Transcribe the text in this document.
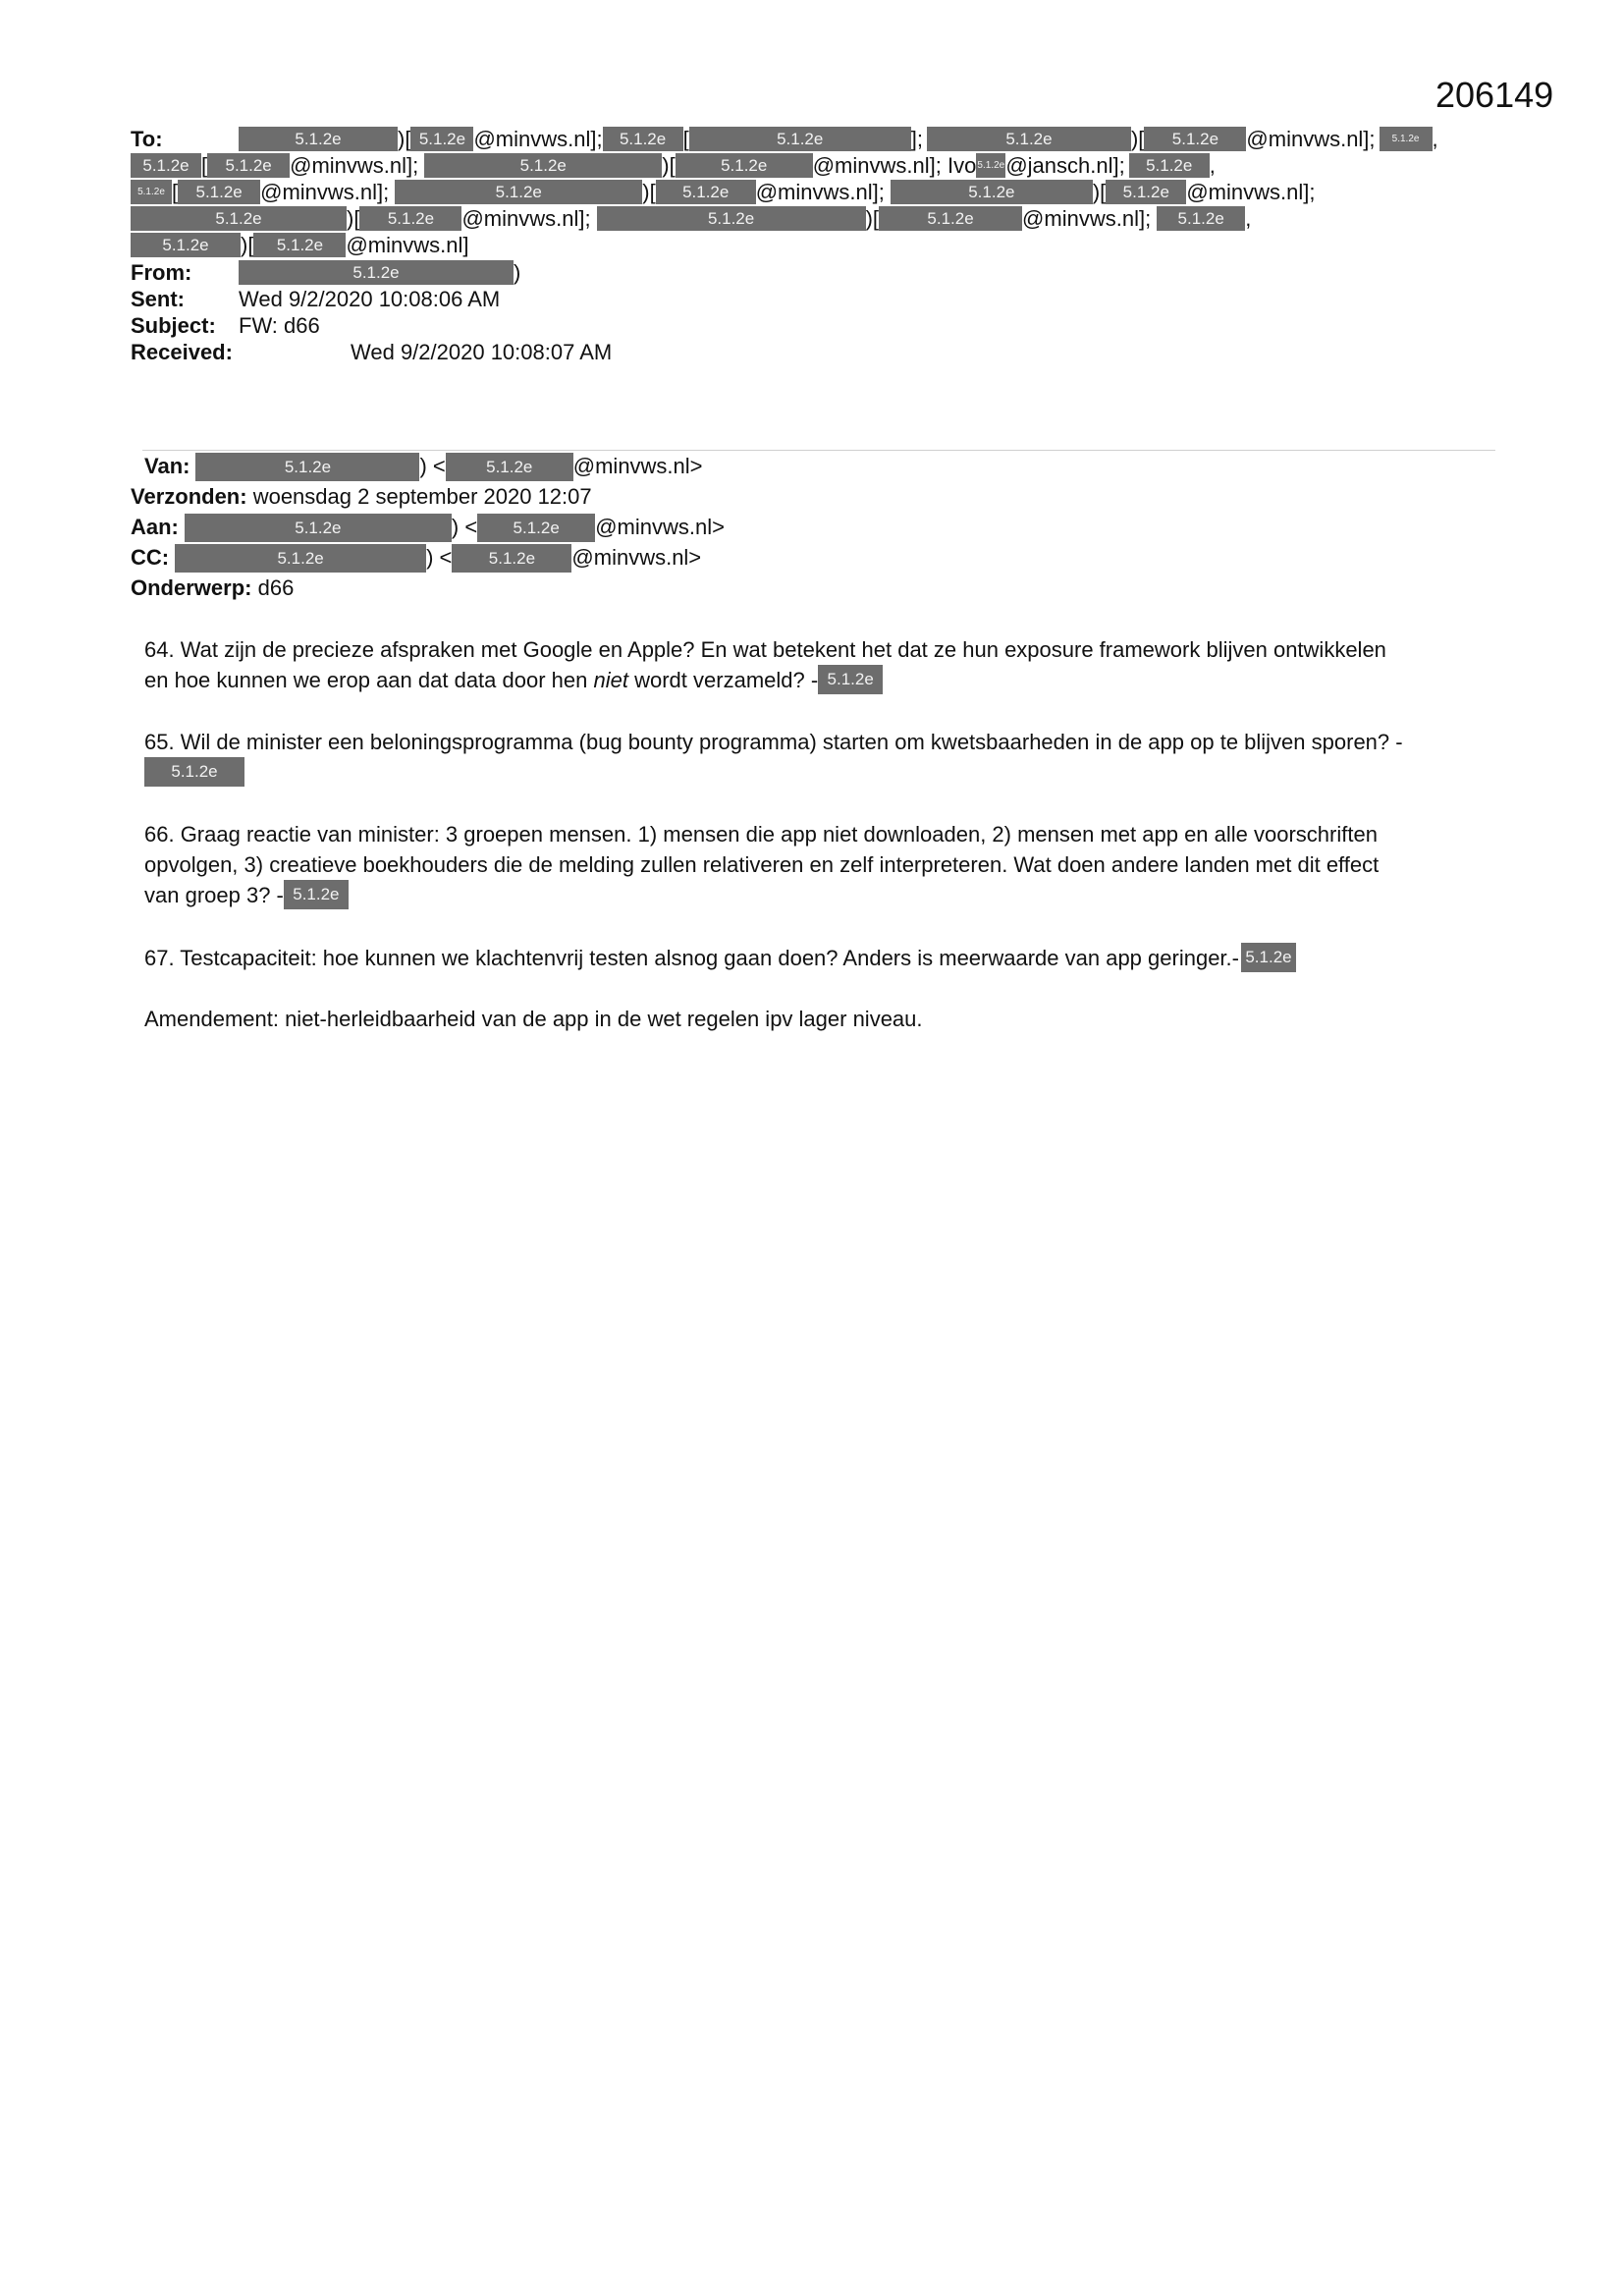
206149
To:	5.1.2e	)[ 5.1.2e @minvws.nl]; 5.1.2e [	5.1.2e	];	5.1.2e	)[ 5.1.2e @minvws.nl]; 5.1.2e ,
5.1.2e [ 5.1.2e @minvws.nl];	5.1.2e	)[	5.1.2e @minvws.nl]; Ivo5.1.2e@jansch.nl]; 5.1.2e ,
5.1.2e [ 5.1.2e @minvws.nl];	5.1.2e	)[ 5.1.2e @minvws.nl];	5.1.2e	)[ 5.1.2e @minvws.nl];
5.1.2e	)[ 5.1.2e @minvws.nl];	5.1.2e	)[	5.1.2e @minvws.nl]; 5.1.2e ,
5.1.2e )[ 5.1.2e @minvws.nl]
From:	5.1.2e	)
Sent:	Wed 9/2/2020 10:08:06 AM
Subject: FW: d66
Received:	Wed 9/2/2020 10:08:07 AM
Van:	5.1.2e	) < 5.1.2e @minvws.nl>
Verzonden: woensdag 2 september 2020 12:07
Aan:	5.1.2e	) < 5.1.2e @minvws.nl>
CC:	5.1.2e	) < 5.1.2e @minvws.nl>
Onderwerp: d66
64. Wat zijn de precieze afspraken met Google en Apple? En wat betekent het dat ze hun exposure framework blijven ontwikkelen
en hoe kunnen we erop aan dat data door hen niet wordt verzameld? - 5.1.2e
65. Wil de minister een beloningsprogramma (bug bounty programma) starten om kwetsbaarheden in de app op te blijven sporen? -
5.1.2e
66. Graag reactie van minister: 3 groepen mensen. 1) mensen die app niet downloaden, 2) mensen met app en alle voorschriften
opvolgen, 3) creatieve boekhouders die de melding zullen relativeren en zelf interpreteren. Wat doen andere landen met dit effect
van groep 3? - 5.1.2e
67. Testcapaciteit: hoe kunnen we klachtenvrij testen alsnog gaan doen? Anders is meerwaarde van app geringer.- 5.1.2e
Amendement: niet-herleidbaarheid van de app in de wet regelen ipv lager niveau.
